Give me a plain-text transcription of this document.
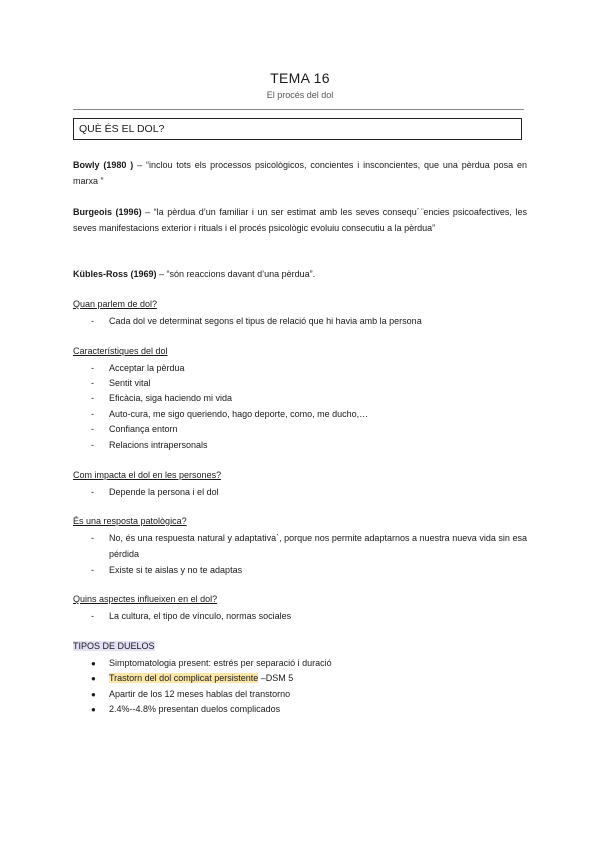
TEMA 16
El procés del dol
QUÈ ÉS EL DOL?
Bowly (1980 ) – “inclou tots els processos psicològicos, concientes i insconcientes, que una pèrdua posa en marxa ”
Burgeois (1996) – “la pèrdua d’un familiar i un ser estimat amb les seves consequ´ ̈encies psicoafectives, les seves manifestacions exterior i rituals i el procés psicològic evoluiu consecutiu a la pèrdua”
Kübles-Ross (1969) – “són reaccions davant d’una pèrdua”.
Quan parlem de dol?
- Cada dol ve determinat segons el tipus de relació que hi havia amb la persona
Característiques del dol
- Acceptar la pèrdua
- Sentit vital
- Eficàcia, siga haciendo mi vida
- Auto-cura, me sigo queriendo, hago deporte, como, me ducho,…
- Confiança entorn
- Relacions intrapersonals
Com impacta el dol en les persones?
- Depende la persona i el dol
És una resposta patològica?
- No, és una respuesta natural y adaptativa`, porque nos permite adaptarnos a nuestra nueva vida sin esa pérdida
- Existe si te aislas y no te adaptas
Quins aspectes influeixen en el dol?
- La cultura, el tipo de vínculo, normas sociales
TIPOS DE DUELOS
● Simptomatologia present: estrés per separació i duració
● Trastorn del dol complicat persistente –DSM 5
● Apartir de los 12 meses hablas del transtorno
● 2.4%--4.8% presentan duelos complicados
